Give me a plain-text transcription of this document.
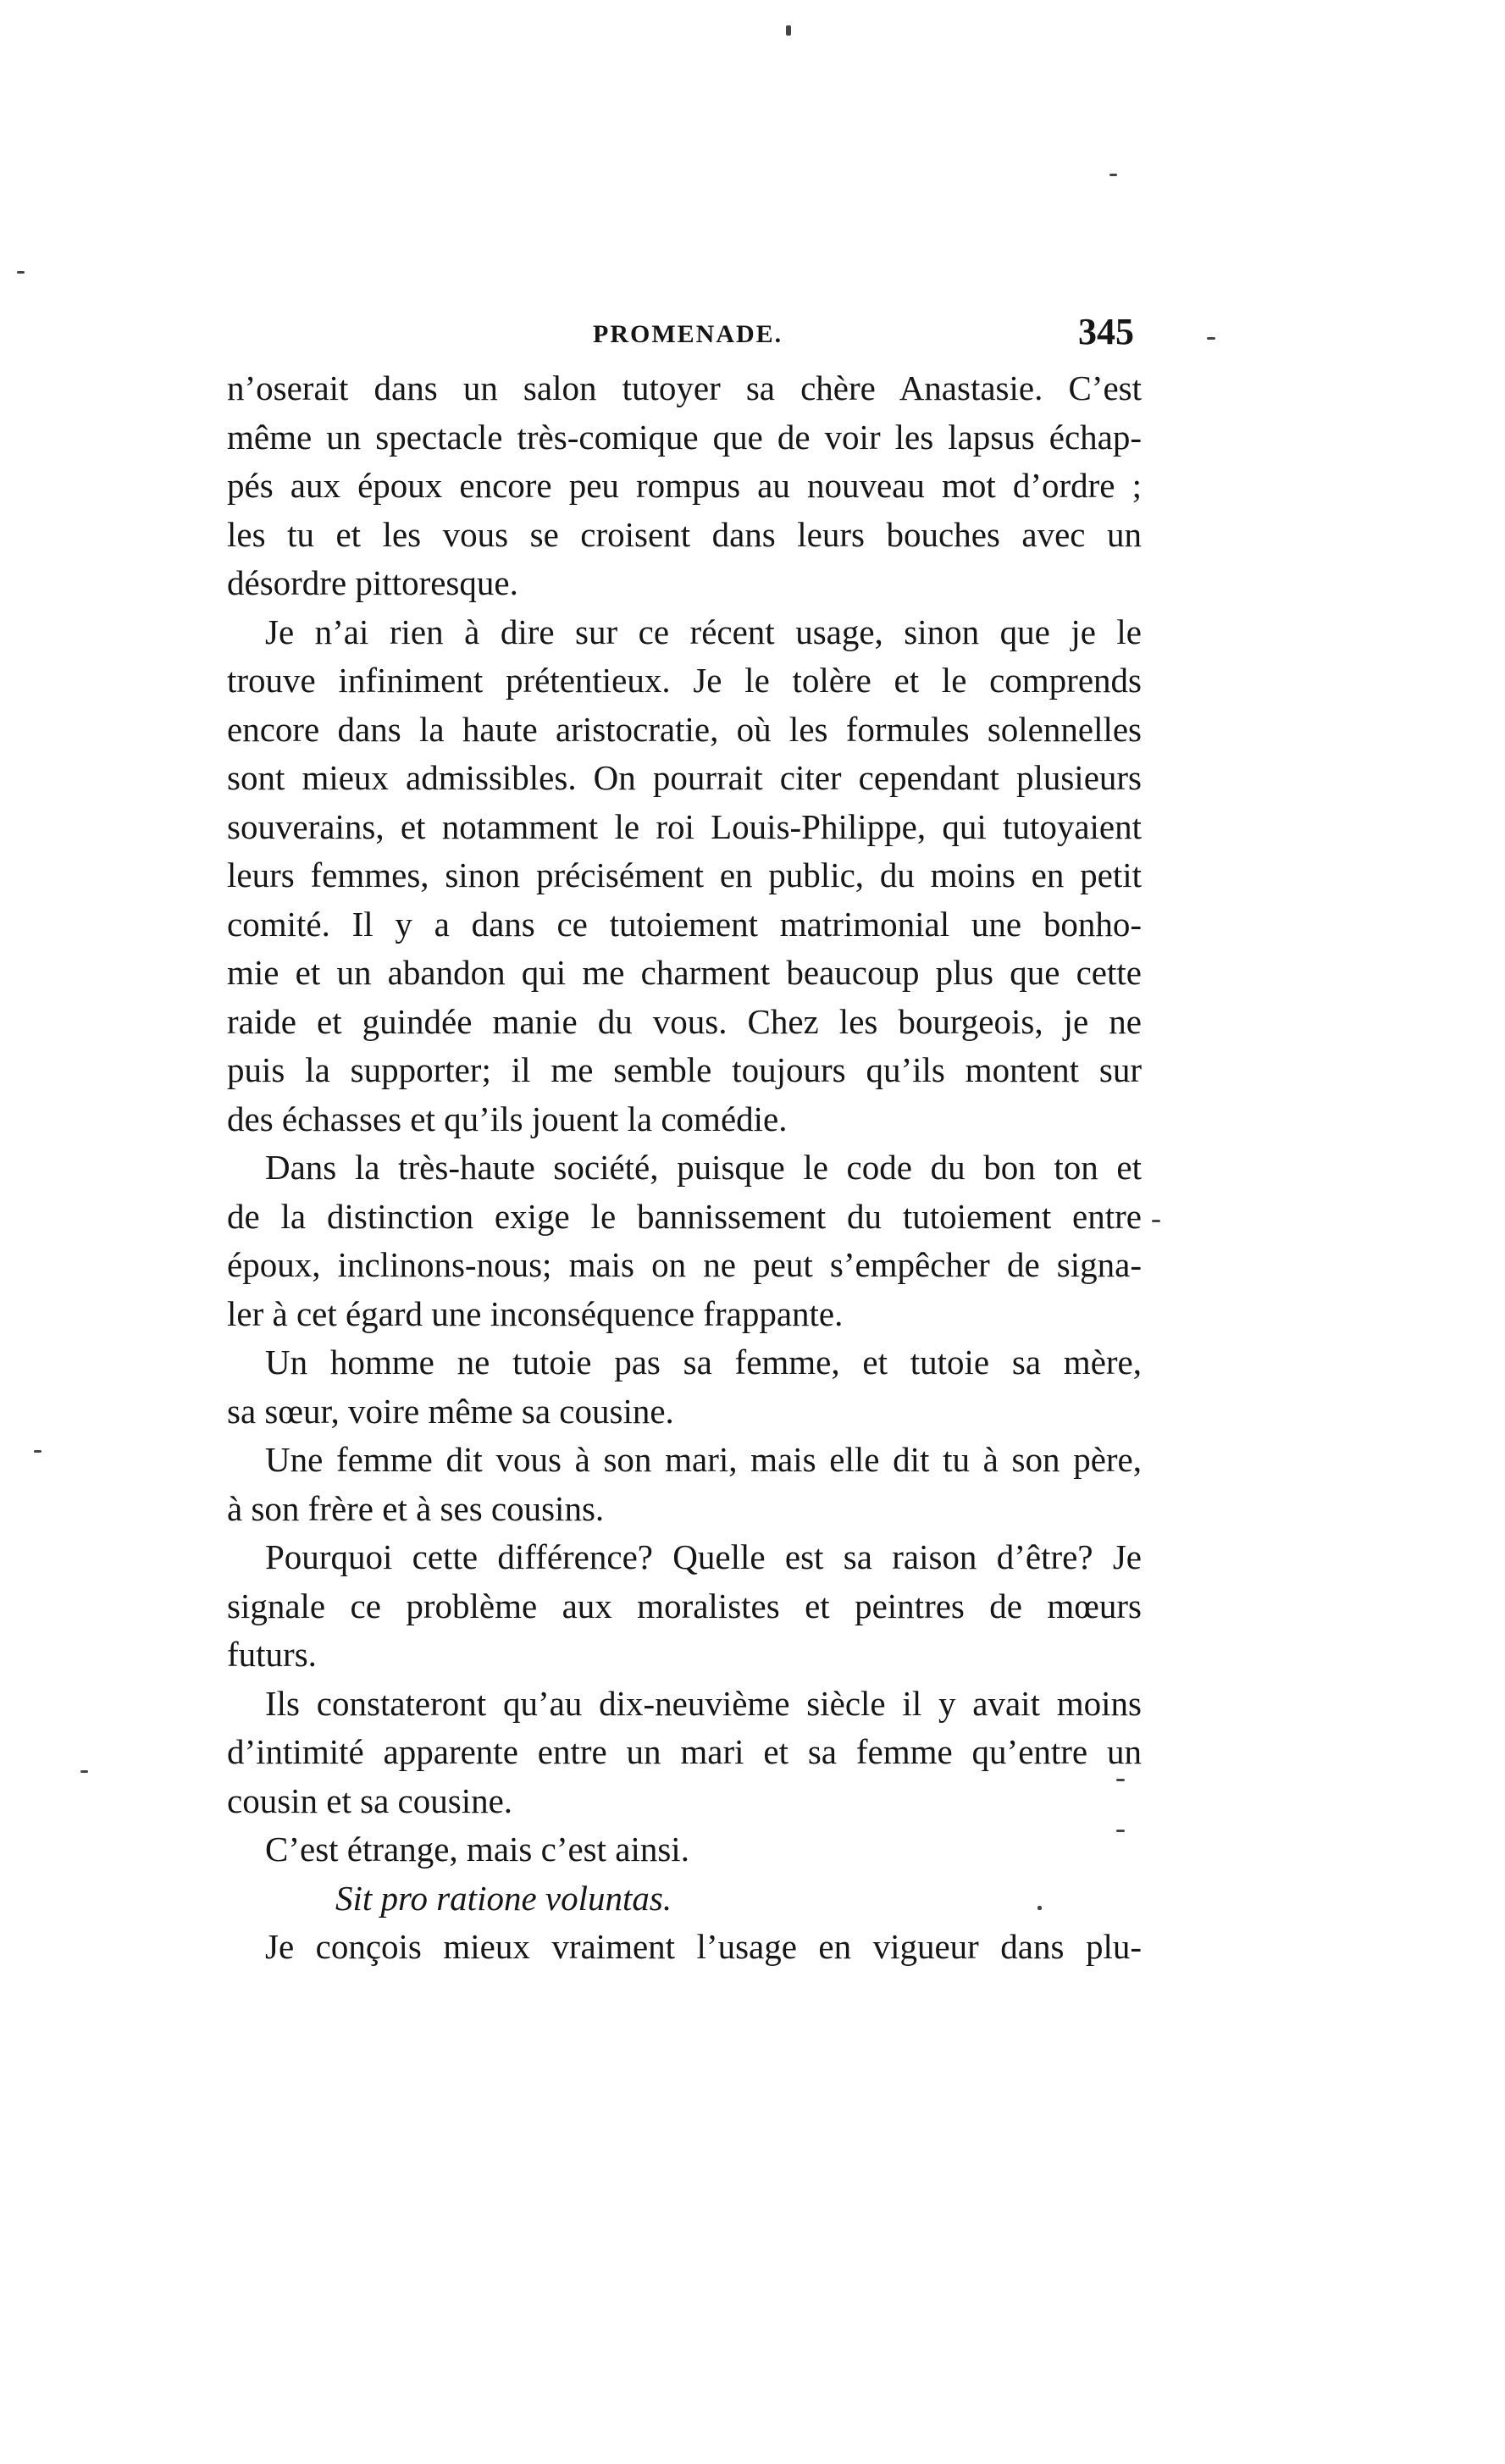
PROMENADE.	345
n’oserait dans un salon tutoyer sa chère Anastasie. C’est
même un spectacle très-comique que de voir les lapsus échap-
pés aux époux encore peu rompus au nouveau mot d’ordre ;
les tu et les vous se croisent dans leurs bouches avec un
désordre pittoresque.
Je n’ai rien à dire sur ce récent usage, sinon que je le
trouve infiniment prétentieux. Je le tolère et le comprends
encore dans la haute aristocratie, où les formules solennelles
sont mieux admissibles. On pourrait citer cependant plusieurs
souverains, et notamment le roi Louis-Philippe, qui tutoyaient
leurs femmes, sinon précisément en public, du moins en petit
comité. Il y a dans ce tutoiement matrimonial une bonho-
mie et un abandon qui me charment beaucoup plus que cette
raide et guindée manie du vous. Chez les bourgeois, je ne
puis la supporter; il me semble toujours qu’ils montent sur
des échasses et qu’ils jouent la comédie.
Dans la très-haute société, puisque le code du bon ton et
de la distinction exige le bannissement du tutoiement entre
époux, inclinons-nous; mais on ne peut s’empêcher de signa-
ler à cet égard une inconséquence frappante.
Un homme ne tutoie pas sa femme, et tutoie sa mère,
sa sœur, voire même sa cousine.
Une femme dit vous à son mari, mais elle dit tu à son père,
à son frère et à ses cousins.
Pourquoi cette différence? Quelle est sa raison d’être? Je
signale ce problème aux moralistes et peintres de mœurs
futurs.
Ils constateront qu’au dix-neuvième siècle il y avait moins
d’intimité apparente entre un mari et sa femme qu’entre un
cousin et sa cousine.
C’est étrange, mais c’est ainsi.
Sit pro ratione voluntas.
Je conçois mieux vraiment l’usage en vigueur dans plu-
